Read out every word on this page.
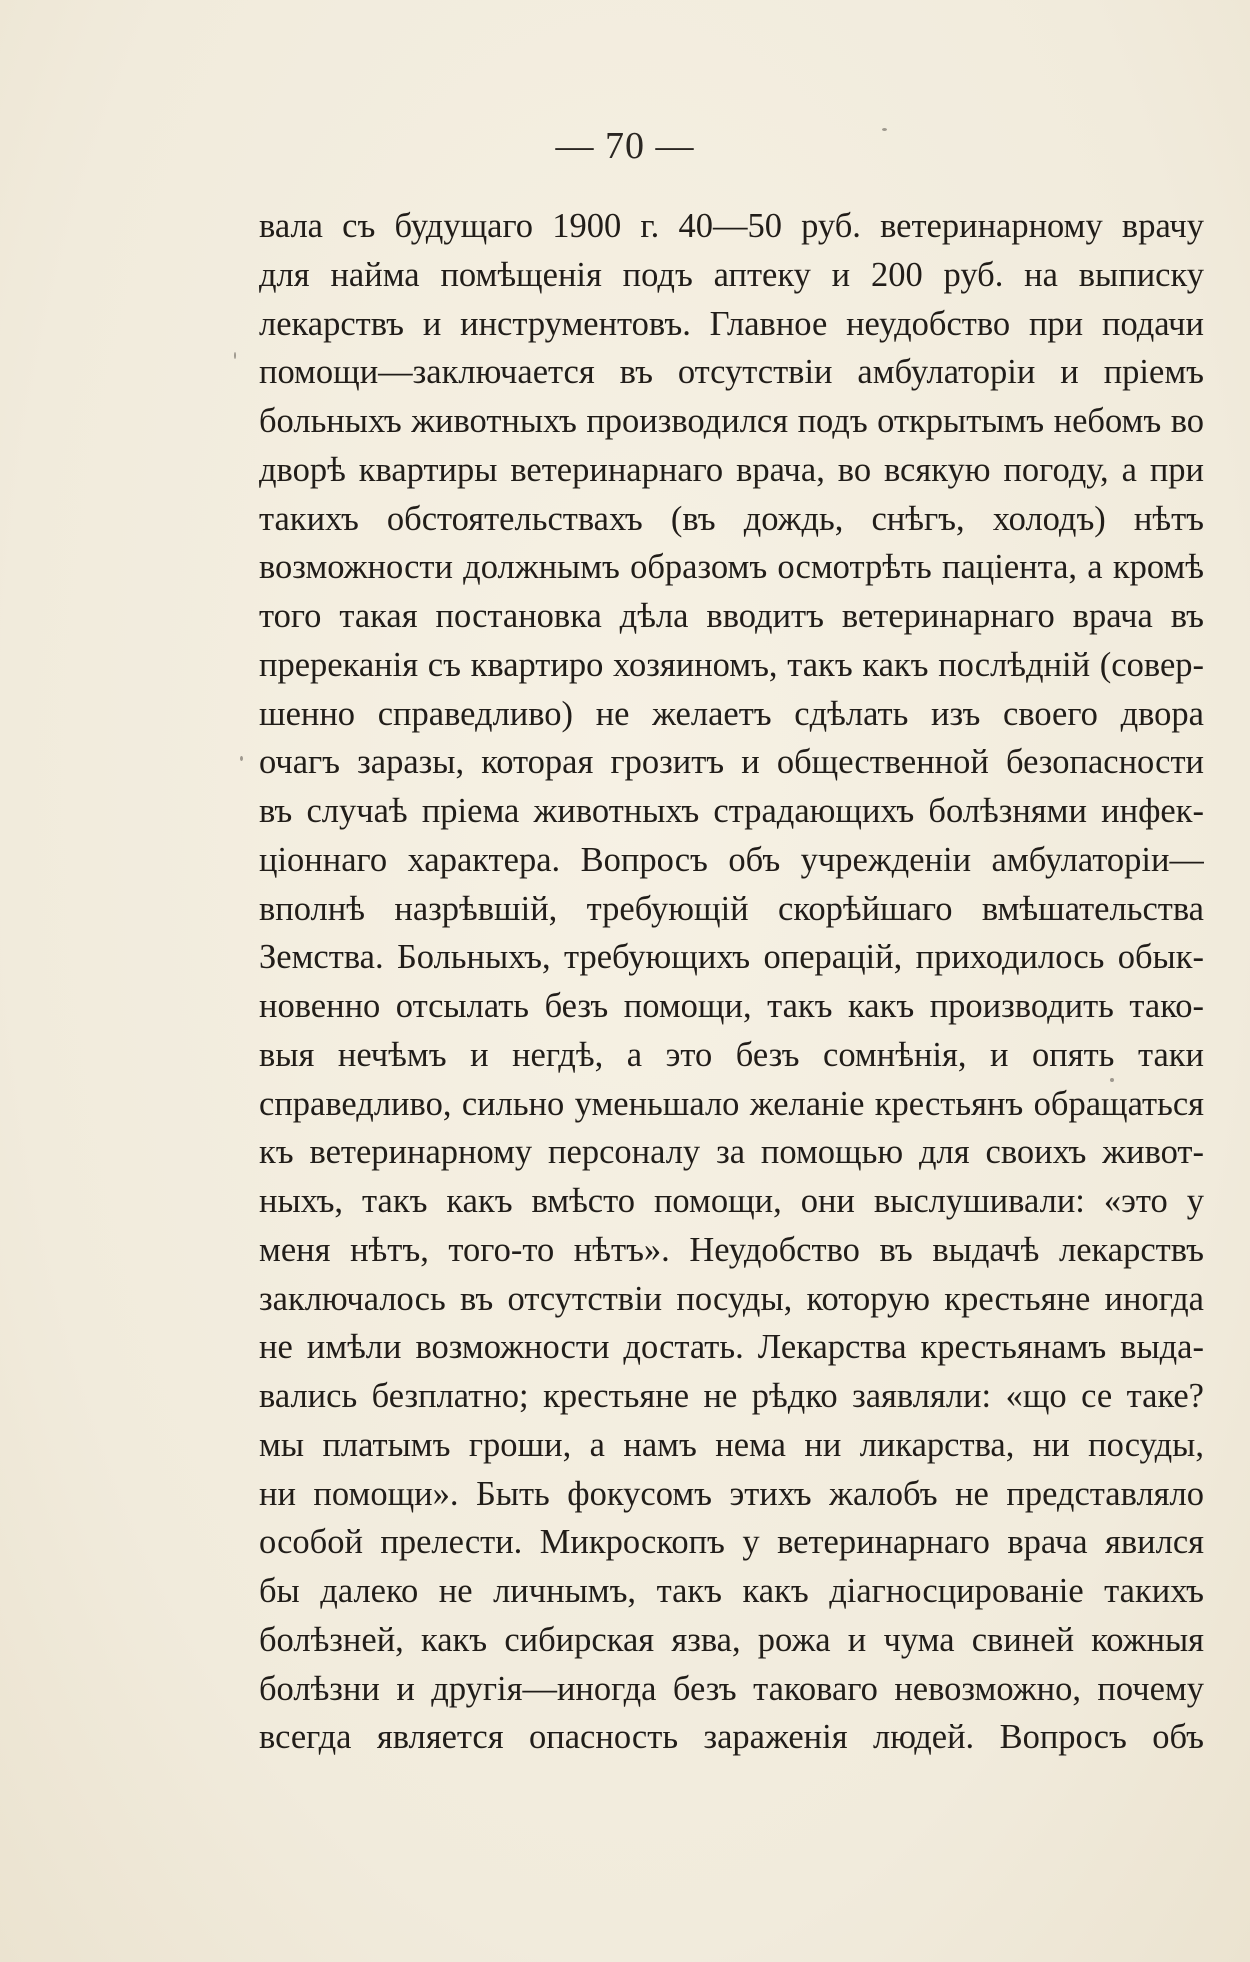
— 70 —
вала съ будущаго 1900 г. 40—50 руб. ветеринарному врачу
для найма помѣщенія подъ аптеку и 200 руб. на выписку
лекарствъ и инструментовъ. Главное неудобство при подачи
помощи—заключается въ отсутствіи амбулаторіи и пріемъ
больныхъ животныхъ производился подъ открытымъ небомъ во
дворѣ квартиры ветеринарнаго врача, во всякую погоду, а при
такихъ обстоятельствахъ (въ дождь, снѣгъ, холодъ) нѣтъ
возможности должнымъ образомъ осмотрѣть паціента, а кромѣ
того такая постановка дѣла вводитъ ветеринарнаго врача въ
пререканія съ квартиро хозяиномъ, такъ какъ послѣдній (совер-
шенно справедливо) не желаетъ сдѣлать изъ своего двора
очагъ заразы, которая грозитъ и общественной безопасности
въ случаѣ пріема животныхъ страдающихъ болѣзнями инфек-
ціоннаго характера. Вопросъ объ учрежденіи амбулаторіи—
вполнѣ назрѣвшій, требующій скорѣйшаго вмѣшательства
Земства. Больныхъ, требующихъ операцій, приходилось обык-
новенно отсылать безъ помощи, такъ какъ производить тако-
выя нечѣмъ и негдѣ, а это безъ сомнѣнія, и опять таки
справедливо, сильно уменьшало желаніе крестьянъ обращаться
къ ветеринарному персоналу за помощью для своихъ живот-
ныхъ, такъ какъ вмѣсто помощи, они выслушивали: «это у
меня нѣтъ, того-то нѣтъ». Неудобство въ выдачѣ лекарствъ
заключалось въ отсутствіи посуды, которую крестьяне иногда
не имѣли возможности достать. Лекарства крестьянамъ выда-
вались безплатно; крестьяне не рѣдко заявляли: «що се таке?
мы платымъ гроши, а намъ нема ни ликарства, ни посуды,
ни помощи». Быть фокусомъ этихъ жалобъ не представляло
особой прелести. Микроскопъ у ветеринарнаго врача явился
бы далеко не личнымъ, такъ какъ діагносцированіе такихъ
болѣзней, какъ сибирская язва, рожа и чума свиней кожныя
болѣзни и другія—иногда безъ таковаго невозможно, почему
всегда является опасность зараженія людей. Вопросъ объ
